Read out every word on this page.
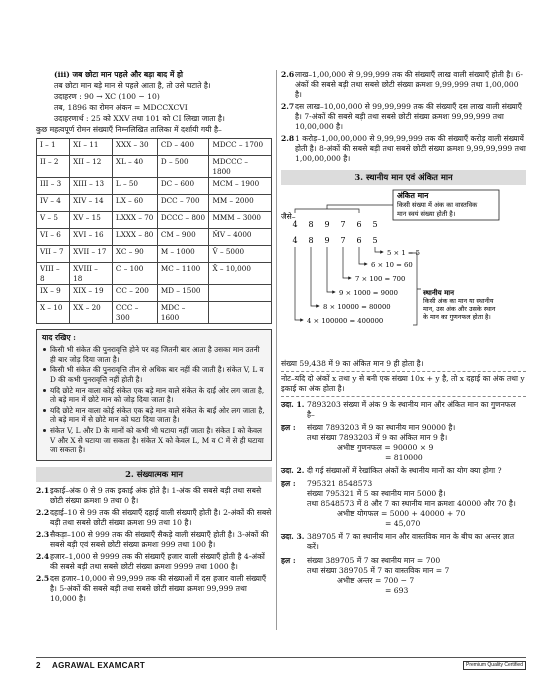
(iii) जब छोटा मान पहले और बड़ा बाद में हो

तब छोटा मान बड़े मान से पहले आता है, तो उसे घटाते है।

उदाहरण : 90 → XC (100 − 10)

तब, 1896 का रोमन अंकन = MDCCXCVI

उदाहरणार्थ : 25 को XXV तथा 101 को CI लिखा जाता है।

कुछ महत्वपूर्ण रोमन संख्याएँ निम्नलिखित तालिका में दर्शायी गयी है–

I – 1	XI – 11	XXX – 30	CD – 400	MDCC – 1700
II – 2	XII – 12	XL – 40	D – 500	MDCCC – 1800
III – 3	XIII – 13	L – 50	DC – 600	MCM – 1900
IV – 4	XIV – 14	LX – 60	DCC – 700	MM – 2000
V – 5	XV – 15	LXXX – 70	DCCC – 800	MMM – 3000
VI – 6	XVI – 16	LXXX – 80	CM – 900	M̄V – 4000
VII – 7	XVII – 17	XC – 90	M – 1000	V̄ – 5000
VIII – 8	XVIII – 18	C – 100	MC – 1100	X̄ – 10,000
IX – 9	XIX – 19	CC – 200	MD – 1500	
X – 10	XX – 20	CCC – 300	MDC – 1600	
याद रखिए :
किसी भी संकेत की पुनरावृत्ति होने पर वह जितनी बार आता है उसका मान उतनी ही बार जोड़ दिया जाता है।
किसी भी संकेत की पुनरावृत्ति तीन से अधिक बार नहीं की जाती है। संकेत V, L व D की कभी पुनरावृत्ति नहीं होती है।
यदि छोटे मान वाला कोई संकेत एक बड़े मान वाले संकेत के दाईं ओर लग जाता है, तो बड़े मान में छोटे मान को जोड़ दिया जाता है।
यदि छोटे मान वाला कोई संकेत एक बड़े मान वाले संकेत के बाईं ओर लग जाता है, तो बड़े मान में से छोटे मान को घटा दिया जाता है।
संकेत V, L और D के मानों को कभी भी घटाया नहीं जाता है। संकेत I को केवल V और X से घटाया जा सकता है। संकेत X को केवल L, M व C में से ही घटाया जा सकता है।
2. संख्यात्मक मान
2.1 इकाई–अंक 0 से 9 तक इकाई अंक होते है। 1-अंक की सबसे बड़ी तथा सबसे छोटी संख्या क्रमशः 9 तथा 0 है।
2.2 दहाई–10 से 99 तक की संख्याएँ दहाई वाली संख्याएँ होती है। 2-अंकों की सबसे बड़ी तथा सबसे छोटी संख्या क्रमशः 99 तथा 10 है।
2.3 सैकड़ा–100 से 999 तक की संख्याएँ सैकड़े वाली संख्याएँ होती है। 3-अंकों की सबसे बड़ी एवं सबसे छोटी संख्या क्रमशः 999 तथा 100 है।
2.4 हजार–1,000 से 9999 तक की संख्याएँ हजार वाली संख्याएँ होती है 4-अंकों की सबसे बड़ी तथा सबसे छोटी संख्या क्रमशः 9999 तथा 1000 है।
2.5 दस हजार–10,000 से 99,999 तक की संख्याओं में दस हजार वाली संख्याएँ है। 5-अंकों की सबसे बड़ी तथा सबसे छोटी संख्या क्रमशः 99,999 तथा 10,000 है।
2.6 लाख–1,00,000 से 9,99,999 तक की संख्याएँ लाख वाली संख्याएँ होती है। 6-अंकों की सबसे बड़ी तथा सबसे छोटी संख्या क्रमशः 9,99,999 तथा 1,00,000 है।
2.7 दस लाख–10,00,000 से 99,99,999 तक की संख्याएँ दस लाख वाली संख्याएँ है। 7-अंकों की सबसे बड़ी तथा सबसे छोटी संख्या क्रमशः 99,99,999 तथा 10,00,000 है।
2.8 1 करोड़–1,00,00,000 से 9,99,99,999 तक की संख्याएँ करोड़ वाली संख्यायें होती है। 8-अंकों की सबसे बड़ी तथा सबसे छोटी संख्या क्रमशः 9,99,99,999 तथा 1,00,00,000 है।
3. स्थानीय मान एवं अंकित मान
अंकित मान
किसी संख्या में अंक का वास्तविक
मान स्वयं संख्या होती है।
जैसे–
4 8 9 7 6 5
4 8 9 7 6 5
5 × 1 = 5
6 × 10 = 60
7 × 100 = 700
9 × 1000 = 9000
8 × 10000 = 80000
4 × 100000 = 400000
स्थानीय मान
किसी अंक का मान या स्थानीय
मान, उस अंक और उसके स्थान
के मान का गुणनफल होता है।

संख्या 59,438 में 9 का अंकित मान 9 ही होता है।

नोट–यदि दो अंकों x तथा y से बनी एक संख्या 10x + y है, तो x दहाई का अंक तथा y इकाई का अंक होता है।

उदा. 1. 7893203 संख्या में अंक 9 के स्थानीय मान और अंकित मान का गुणनफल है–
हल :	संख्या 7893203 में 9 का स्थानीय मान 90000 है।
तथा संख्या 7893203 में 9 का अंकित मान 9 है।
अभीष्ट गुणनफल = 90000 × 9
= 810000
उदा. 2. दी गई संख्याओं में रेखांकित अंकों के स्थानीय मानों का योग क्या होगा ?
हल :	795321 8548573
संख्या 795321 में 5 का स्थानीय मान 5000 है।
तथा 8548573 में 8 और 7 का स्थानीय मान क्रमशः 40000 और 70 है।
अभीष्ट योगफल = 5000 + 40000 + 70
= 45,070
उदा. 3. 389705 में 7 का स्थानीय मान और वास्तविक मान के बीच का अन्तर ज्ञात करें।
हल :	संख्या 389705 में 7 का स्थानीय मान = 700
तथा संख्या 389705 में 7 का वास्तविक मान = 7
अभीष्ट अन्तर = 700 − 7
= 693
2 AGRAWAL EXAMCART	Premium Quality Certified
